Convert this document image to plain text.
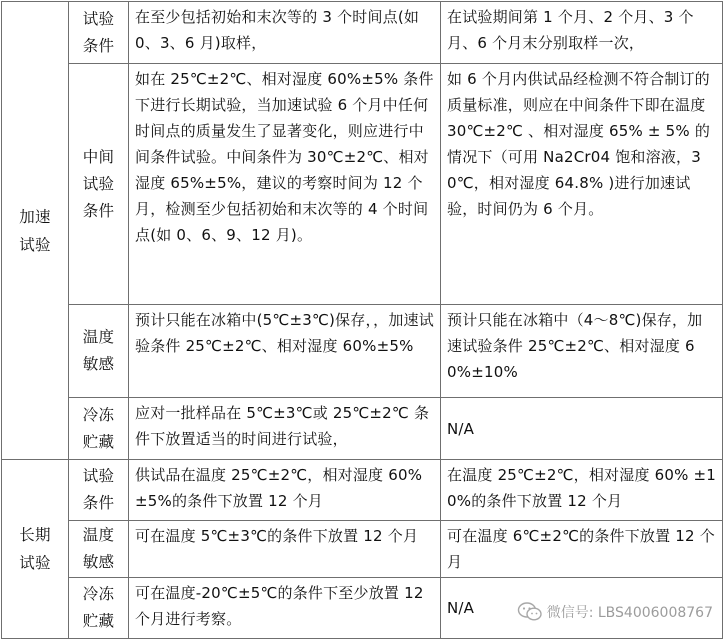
加速试验	试验条件	在至少包括初始和末次等的 3 个时间点(如 0、3、6 月)取样，	在试验期间第 1 个月、2 个月、3 个月、6 个月末分别取样一次，
	中间试验条件	如在 25℃±2℃、相对湿度 60%±5% 条件下进行长期试验，当加速试验 6 个月中任何时间点的质量发生了显著变化，则应进行中间条件试验。中间条件为 30℃±2℃、相对湿度 65%±5%，建议的考察时间为 12 个月，检测至少包括初始和末次等的 4 个时间点(如 0、6、9、12 月)。	如 6 个月内供试品经检测不符合制订的质量标准，则应在中间条件下即在温度 30℃±2℃ 、相对湿度 65% ± 5% 的情况下（可用 Na2Cr04 饱和溶液，30℃，相对湿度 64.8% )进行加速试验，时间仍为 6 个月。
	温度敏感	预计只能在冰箱中(5℃±3℃)保存，，加速试验条件 25℃±2℃、相对湿度 60%±5%	预计只能在冰箱中（4～8℃)保存，加速试验条件 25℃±2℃、相对湿度 60%±10%
	冷冻贮藏	应对一批样品在 5℃±3℃或 25℃±2℃ 条件下放置适当的时间进行试验，	N/A
长期试验	试验条件	供试品在温度 25℃±2℃，相对湿度 60%±5%的条件下放置 12 个月	在温度 25℃±2℃，相对湿度 60% ±10%的条件下放置 12 个月
	温度敏感	可在温度 5℃±3℃的条件下放置 12 个月	可在温度 6℃±2℃的条件下放置 12 个月
	冷冻贮藏	可在温度-20℃±5℃的条件下至少放置 12 个月进行考察。	N/A	微信号: LBS4006008767
